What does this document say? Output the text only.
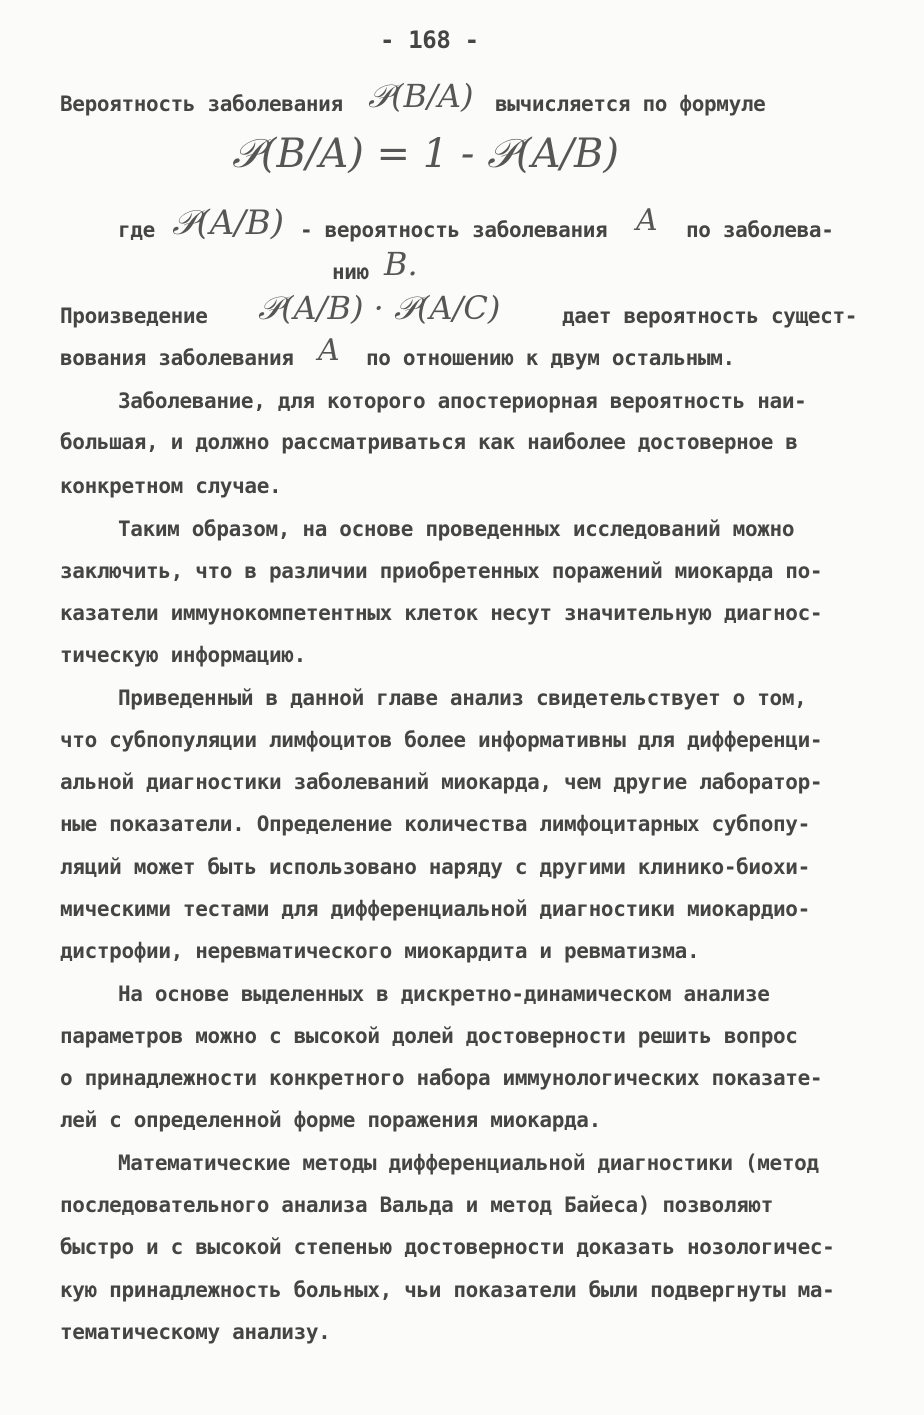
- 168 -
Вероятность заболевания 𝒫(B/A) вычисляется по формуле
𝒫(B/A) = 1 - 𝒫(A/B)
где 𝒫(A/B) - вероятность заболевания A по заболева-
нию B.
Произведение 𝒫(A/B) · 𝒫(A/C)	дает вероятность сущест-
вования заболевания A по отношению к двум остальным.
Заболевание, для которого апостериорная вероятность наи-
большая, и должно рассматриваться как наиболее достоверное в
конкретном случае.
Таким образом, на основе проведенных исследований можно
заключить, что в различии приобретенных поражений миокарда по-
казатели иммунокомпетентных клеток несут значительную диагнос-
тическую информацию.
Приведенный в данной главе анализ свидетельствует о том,
что субпопуляции лимфоцитов более информативны для дифференци-
альной диагностики заболеваний миокарда, чем другие лаборатор-
ные показатели. Определение количества лимфоцитарных субпопу-
ляций может быть использовано наряду с другими клинико-биохи-
мическими тестами для дифференциальной диагностики миокардио-
дистрофии, неревматического миокардита и ревматизма.
На основе выделенных в дискретно-динамическом анализе
параметров можно с высокой долей достоверности решить вопрос
о принадлежности конкретного набора иммунологических показате-
лей с определенной форме поражения миокарда.
Математические методы дифференциальной диагностики (метод
последовательного анализа Вальда и метод Байеса) позволяют
быстро и с высокой степенью достоверности доказать нозологичес-
кую принадлежность больных, чьи показатели были подвергнуты ма-
тематическому анализу.
